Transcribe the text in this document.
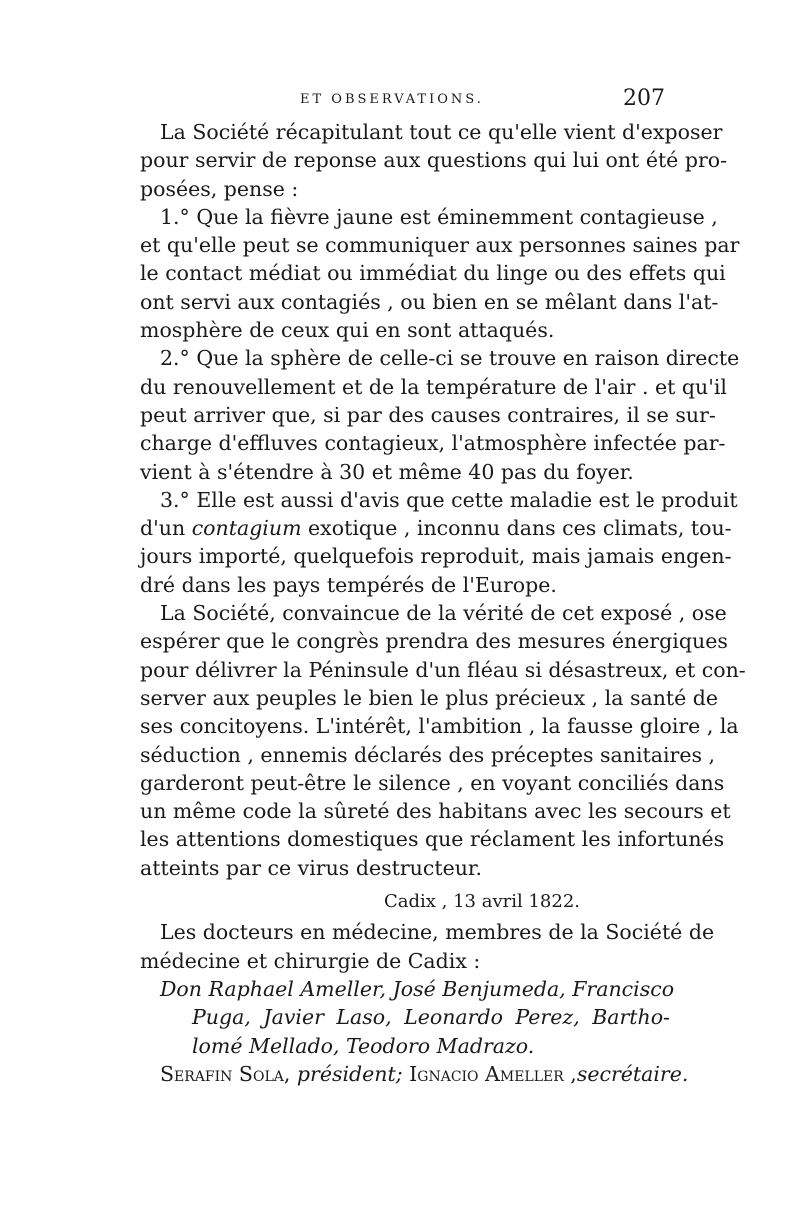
ET OBSERVATIONS.	207
La Société récapitulant tout ce qu'elle vient d'exposer
pour servir de reponse aux questions qui lui ont été pro-
posées, pense :
1.° Que la fièvre jaune est éminemment contagieuse ,
et qu'elle peut se communiquer aux personnes saines par
le contact médiat ou immédiat du linge ou des effets qui
ont servi aux contagiés , ou bien en se mêlant dans l'at-
mosphère de ceux qui en sont attaqués.
2.° Que la sphère de celle-ci se trouve en raison directe
du renouvellement et de la température de l'air . et qu'il
peut arriver que, si par des causes contraires, il se sur-
charge d'effluves contagieux, l'atmosphère infectée par-
vient à s'étendre à 30 et même 40 pas du foyer.
3.° Elle est aussi d'avis que cette maladie est le produit
d'un contagium exotique , inconnu dans ces climats, tou-
jours importé, quelquefois reproduit, mais jamais engen-
dré dans les pays tempérés de l'Europe.
La Société, convaincue de la vérité de cet exposé , ose
espérer que le congrès prendra des mesures énergiques
pour délivrer la Péninsule d'un fléau si désastreux, et con-
server aux peuples le bien le plus précieux , la santé de
ses concitoyens. L'intérêt, l'ambition , la fausse gloire , la
séduction , ennemis déclarés des préceptes sanitaires ,
garderont peut-être le silence , en voyant conciliés dans
un même code la sûreté des habitans avec les secours et
les attentions domestiques que réclament les infortunés
atteints par ce virus destructeur.
Cadix , 13 avril 1822.
Les docteurs en médecine, membres de la Société de
médecine et chirurgie de Cadix :
Don Raphael Ameller, José Benjumeda, Francisco
Puga, Javier Laso, Leonardo Perez, Bartho-
lomé Mellado, Teodoro Madrazo.
Serafin Sola, président; Ignacio Ameller ,secrétaire.
